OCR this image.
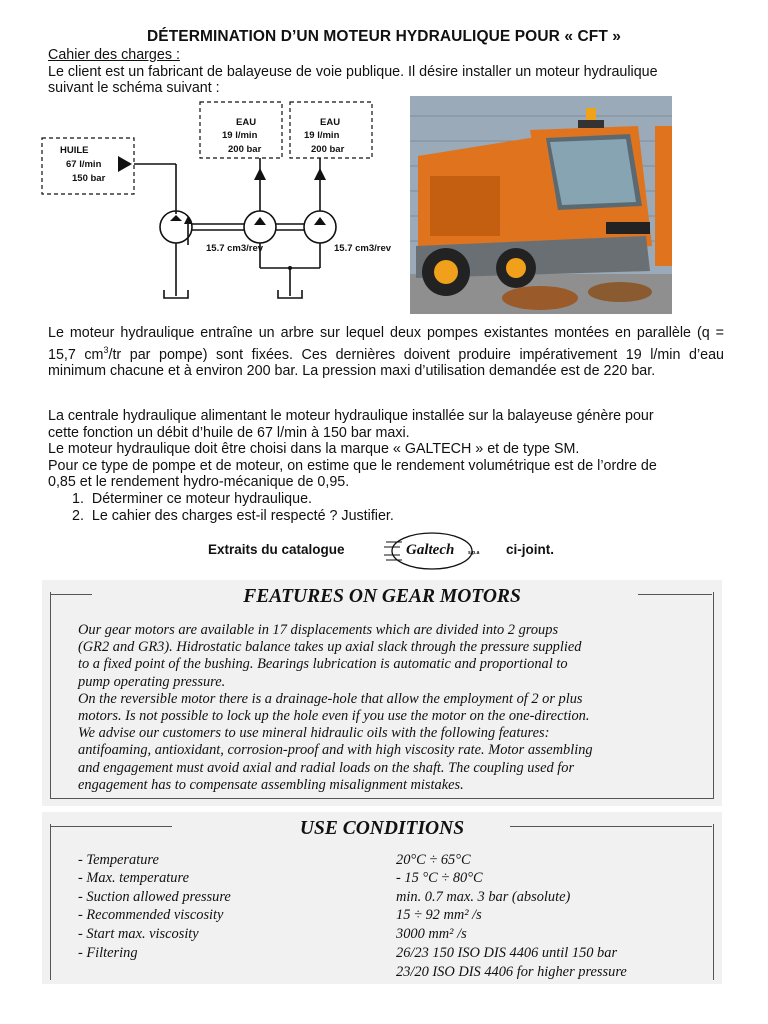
DÉTERMINATION D’UN MOTEUR HYDRAULIQUE POUR « CFT »
Cahier des charges :
Le client est un fabricant de balayeuse de voie publique. Il désire installer un moteur hydraulique
suivant le schéma suivant :
HUILE
67 l/min
150 bar
EAU
19 l/min
200 bar
EAU
19 l/min
200 bar
15.7 cm3/rev	15.7 cm3/rev
Le moteur hydraulique entraîne un arbre sur lequel deux pompes existantes montées en parallèle (q = 15,7 $cm^3/tr$ par pompe) sont fixées. Ces dernières doivent produire impérativement 19 l/min d’eau minimum chacune et à environ 200 bar. La pression maxi d’utilisation demandée est de 220 bar.
La centrale hydraulique alimentant le moteur hydraulique installée sur la balayeuse génère pour
cette fonction un débit d’huile de 67 l/min à 150 bar maxi.
Le moteur hydraulique doit être choisi dans la marque « GALTECH » et de type SM.
Pour ce type de pompe et de moteur, on estime que le rendement volumétrique est de l’ordre de
0,85 et le rendement hydro-mécanique de 0,95.
1. Déterminer ce moteur hydraulique.
2. Le cahier des charges est-il respecté ? Justifier.
Extraits du catalogue	Galtech	s.p.a ci-joint.
FEATURES ON GEAR MOTORS
Our gear motors are available in 17 displacements which are divided into 2 groups
(GR2 and GR3). Hidrostatic balance takes up axial slack through the pressure supplied
to a fixed point of the bushing. Bearings lubrication is automatic and proportional to
pump operating pressure.
On the reversible motor there is a drainage-hole that allow the employment of 2 or plus
motors. Is not possible to lock up the hole even if you use the motor on the one-direction.
We advise our customers to use mineral hidraulic oils with the following features:
antifoaming, antioxidant, corrosion-proof and with high viscosity rate. Motor assembling
and engagement must avoid axial and radial loads on the shaft. The coupling used for
engagement has to compensate assembling misalignment mistakes.
USE CONDITIONS
- Temperature	20°C ÷ 65°C
- Max. temperature	- 15 °C ÷ 80°C
- Suction allowed pressure	min. 0.7 max. 3 bar (absolute)
- Recommended viscosity	15 ÷ 92 mm² /s
- Start max. viscosity	3000 mm² /s
- Filtering	26/23 150 ISO DIS 4406 until 150 bar
23/20 ISO DIS 4406 for higher pressure
